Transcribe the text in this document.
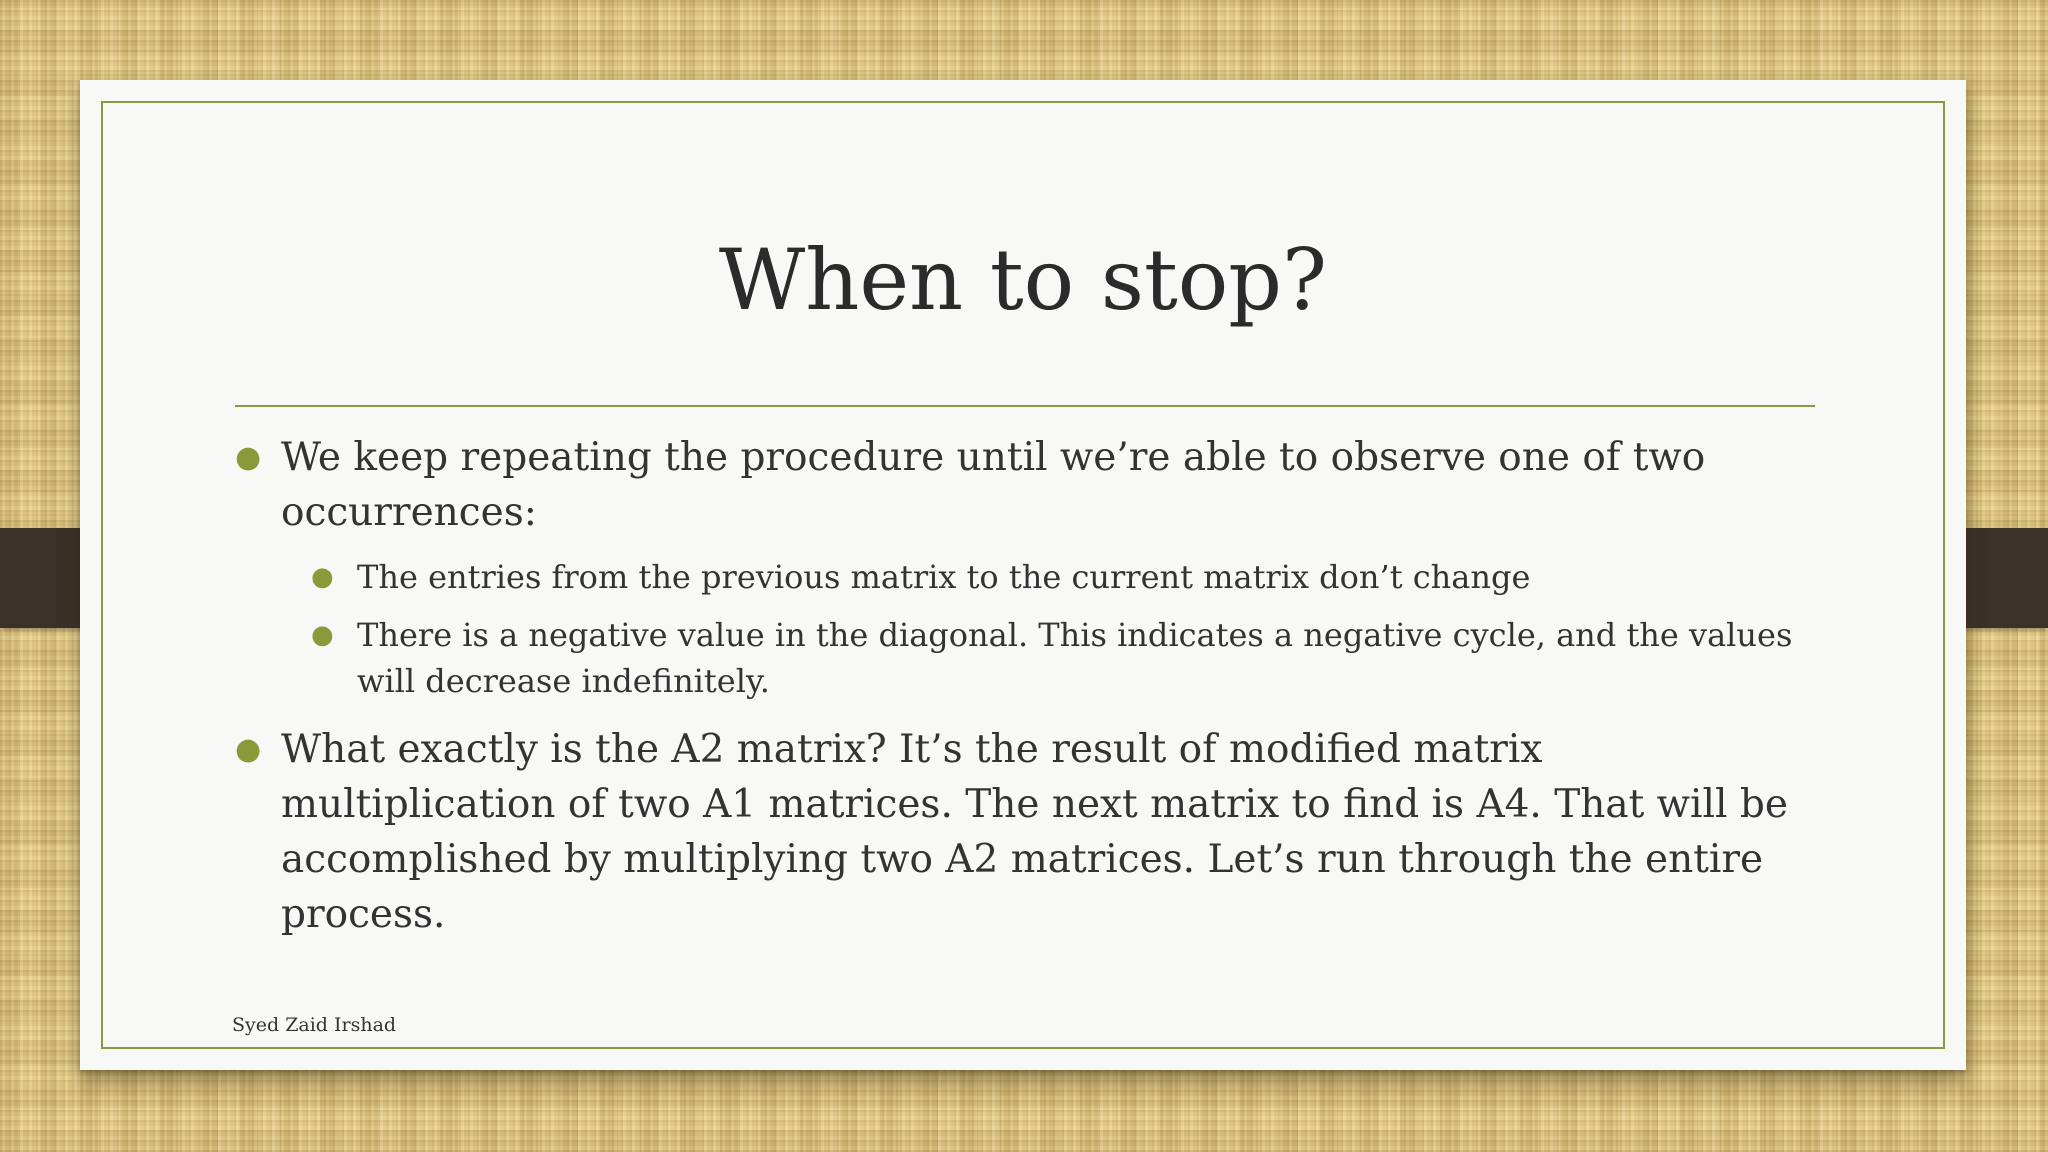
When to stop?
● We keep repeating the procedure until we’re able to observe one of two occurrences:
● The entries from the previous matrix to the current matrix don’t change
● There is a negative value in the diagonal. This indicates a negative cycle, and the values will decrease indefinitely.
● What exactly is the A2 matrix? It’s the result of modified matrix multiplication of two A1 matrices. The next matrix to find is A4. That will be accomplished by multiplying two A2 matrices. Let’s run through the entire process.
Syed Zaid Irshad
